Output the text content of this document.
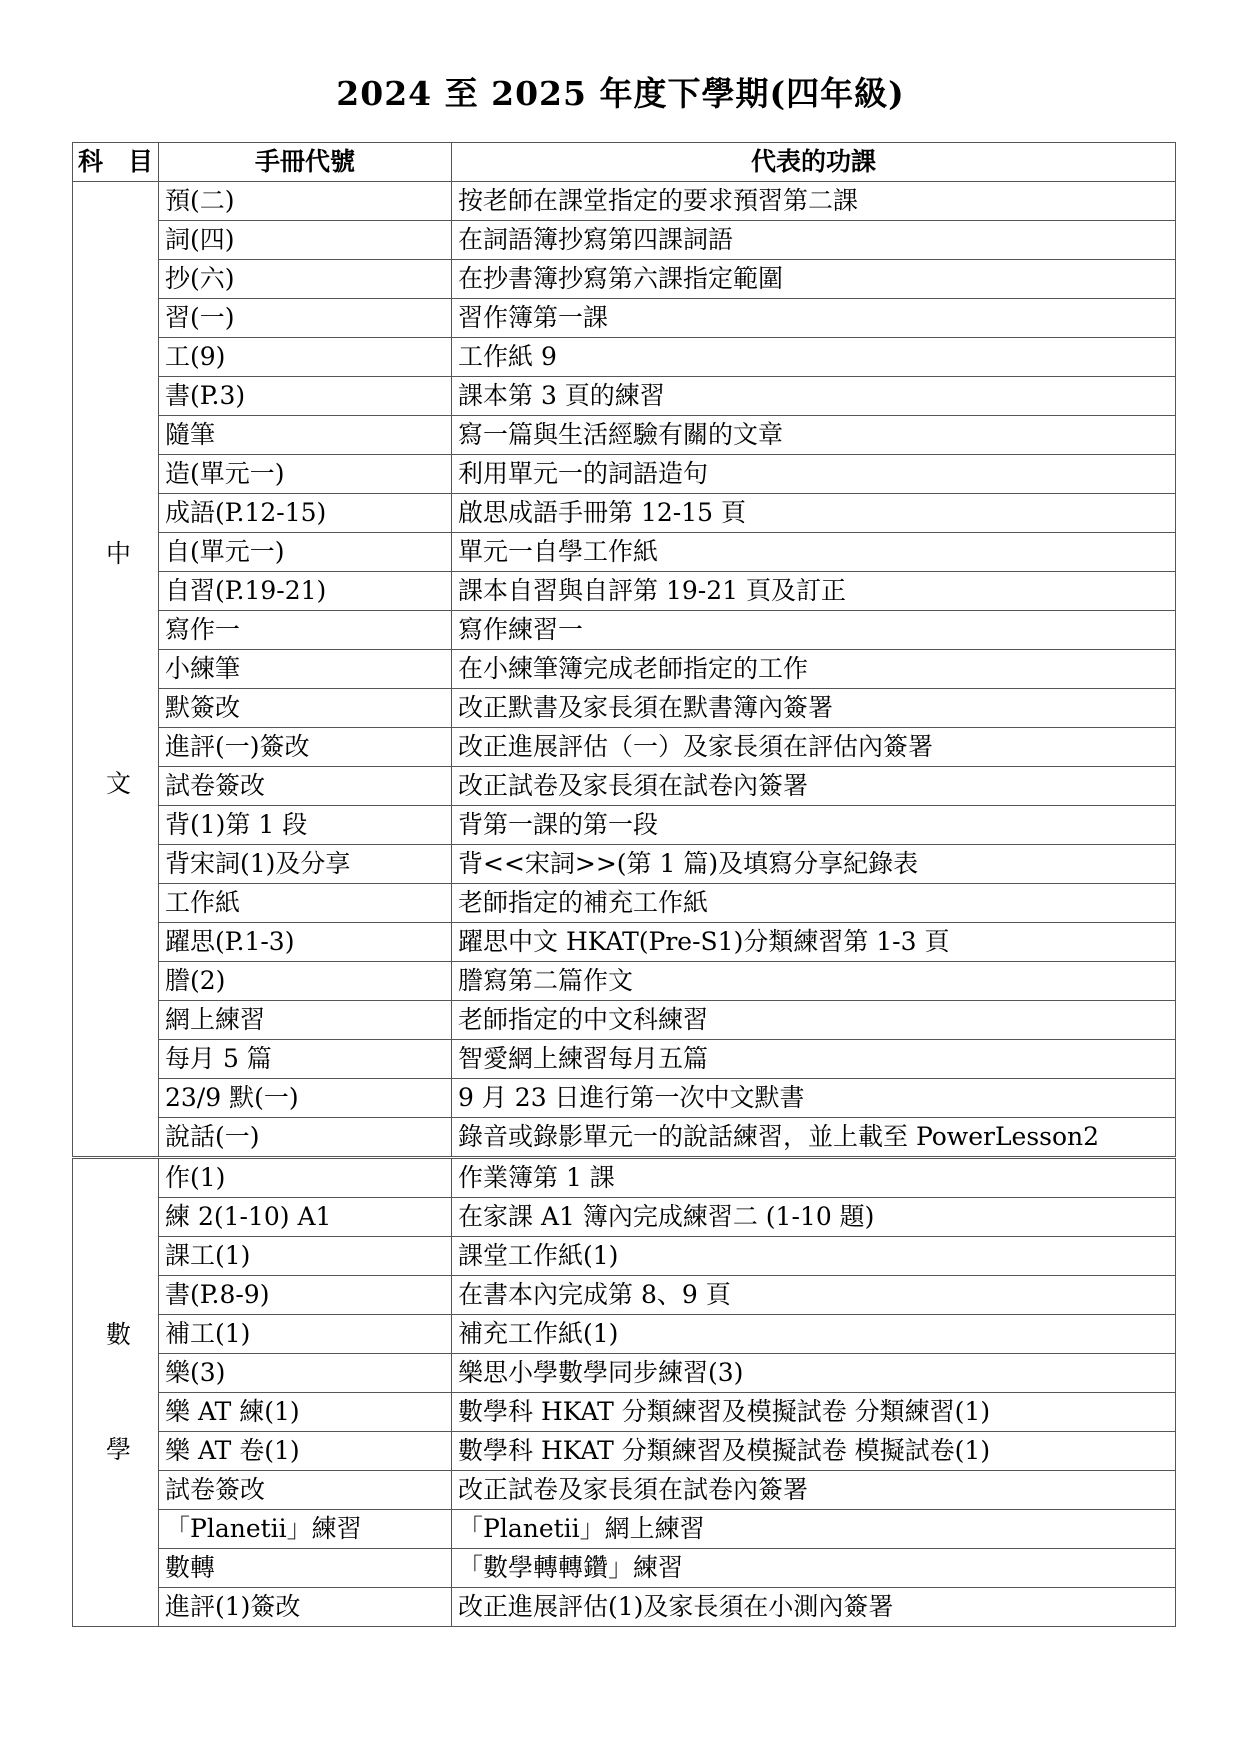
2024 至 2025 年度下學期(四年級)
科　目	手冊代號	代表的功課

中
文	預(二)	按老師在課堂指定的要求預習第二課
	詞(四)	在詞語簿抄寫第四課詞語
	抄(六)	在抄書簿抄寫第六課指定範圍
	習(一)	習作簿第一課
	工(9)	工作紙 9
	書(P.3)	課本第 3 頁的練習
	隨筆	寫一篇與生活經驗有關的文章
	造(單元一)	利用單元一的詞語造句
	成語(P.12-15)	啟思成語手冊第 12-15 頁
	自(單元一)	單元一自學工作紙
	自習(P.19-21)	課本自習與自評第 19-21 頁及訂正
	寫作一	寫作練習一
	小練筆	在小練筆簿完成老師指定的工作
	默簽改	改正默書及家長須在默書簿內簽署
	進評(一)簽改	改正進展評估（一）及家長須在評估內簽署
	試卷簽改	改正試卷及家長須在試卷內簽署
	背(1)第 1 段	背第一課的第一段
	背宋詞(1)及分享	背<<宋詞>>(第 1 篇)及填寫分享紀錄表
	工作紙	老師指定的補充工作紙
	躍思(P.1-3)	躍思中文 HKAT(Pre-S1)分類練習第 1-3 頁
	謄(2)	謄寫第二篇作文
	網上練習	老師指定的中文科練習
	每月 5 篇	智愛網上練習每月五篇
	23/9 默(一)	9 月 23 日進行第一次中文默書
	說話(一)	錄音或錄影單元一的說話練習，並上載至 PowerLesson2

數
學	作(1)	作業簿第 1 課
	練 2(1-10) A1	在家課 A1 簿內完成練習二 (1-10 題)
	課工(1)	課堂工作紙(1)
	書(P.8-9)	在書本內完成第 8、9 頁
	補工(1)	補充工作紙(1)
	樂(3)	樂思小學數學同步練習(3)
	樂 AT 練(1)	數學科 HKAT 分類練習及模擬試卷 分類練習(1)
	樂 AT 卷(1)	數學科 HKAT 分類練習及模擬試卷 模擬試卷(1)
	試卷簽改	改正試卷及家長須在試卷內簽署
	「Planetii」練習	「Planetii」網上練習
	數轉	「數學轉轉鑽」練習
	進評(1)簽改	改正進展評估(1)及家長須在小測內簽署
